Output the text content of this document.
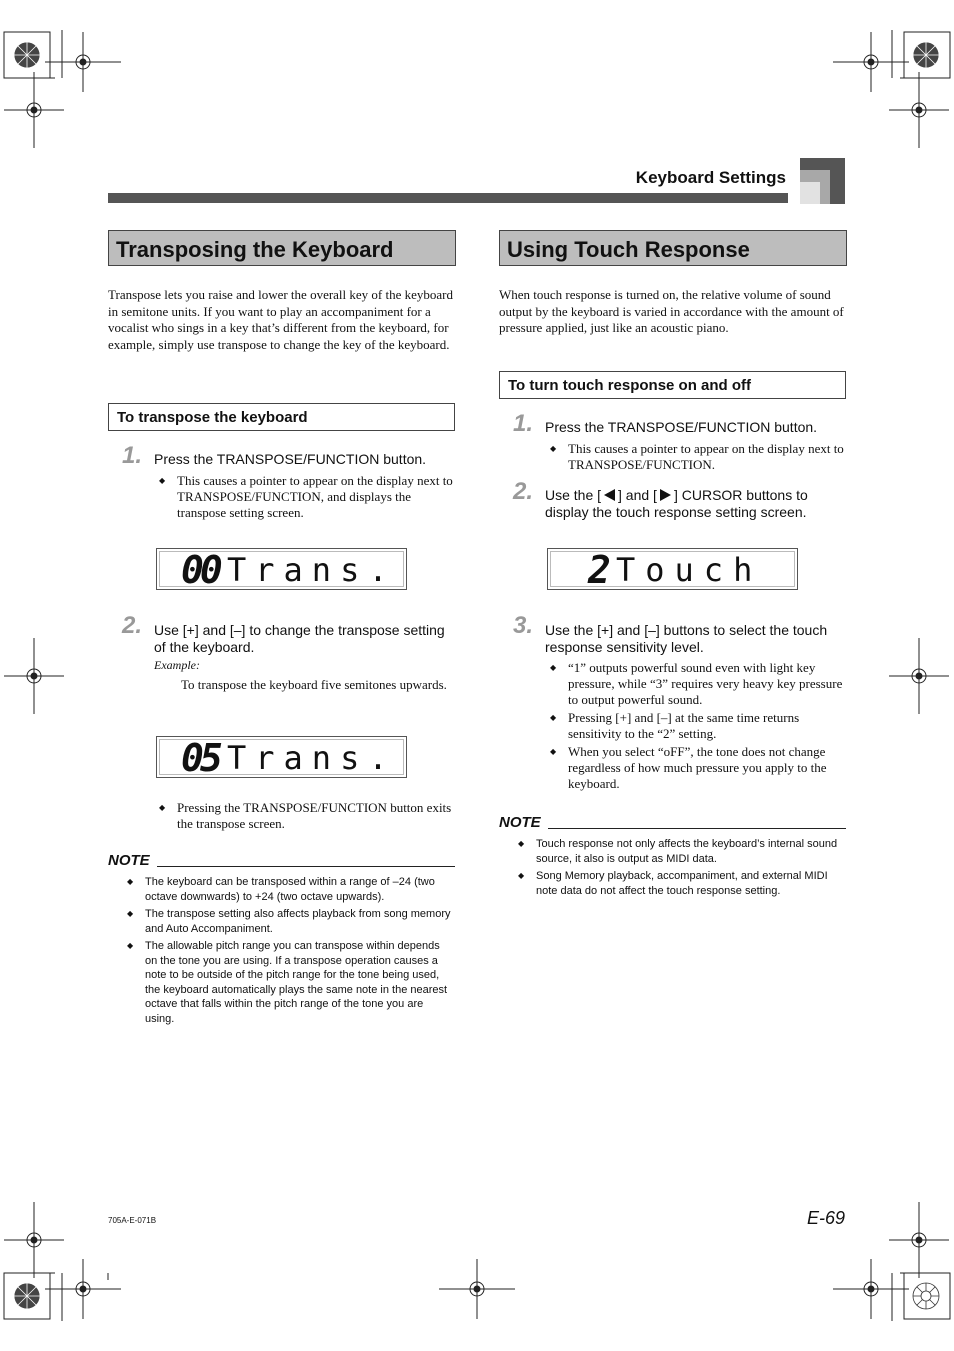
Keyboard Settings
Transposing the Keyboard
Transpose lets you raise and lower the overall key of the keyboard in semitone units. If you want to play an accompaniment for a vocalist who sings in a key that’s different from the keyboard, for example, simply use transpose to change the key of the keyboard.
To transpose the keyboard
1. Press the TRANSPOSE/FUNCTION button.
◆ This causes a pointer to appear on the display next to TRANSPOSE/FUNCTION, and displays the transpose setting screen.
00 Trans.
2. Use [+] and [–] to change the transpose setting of the keyboard.
Example:
To transpose the keyboard five semitones upwards.
05 Trans.
◆ Pressing the TRANSPOSE/FUNCTION button exits the transpose screen.
NOTE
◆ The keyboard can be transposed within a range of –24 (two octave downwards) to +24 (two octave upwards).
◆ The transpose setting also affects playback from song memory and Auto Accompaniment.
◆ The allowable pitch range you can transpose within depends on the tone you are using. If a transpose operation causes a note to be outside of the pitch range for the tone being used, the keyboard automatically plays the same note in the nearest octave that falls within the pitch range of the tone you are using.
Using Touch Response
When touch response is turned on, the relative volume of sound output by the keyboard is varied in accordance with the amount of pressure applied, just like an acoustic piano.
To turn touch response on and off
1. Press the TRANSPOSE/FUNCTION button.
◆ This causes a pointer to appear on the display next to TRANSPOSE/FUNCTION.
2. Use the [ ] and [ ] CURSOR buttons to
display the touch response setting screen.
2 Touch
3. Use the [+] and [–] buttons to select the touch response sensitivity level.
◆ “1” outputs powerful sound even with light key pressure, while “3” requires very heavy key pressure to output powerful sound.
◆ Pressing [+] and [–] at the same time returns sensitivity to the “2” setting.
◆ When you select “oFF”, the tone does not change regardless of how much pressure you apply to the keyboard.
NOTE
◆ Touch response not only affects the keyboard’s internal sound source, it also is output as MIDI data.
◆ Song Memory playback, accompaniment, and external MIDI note data do not affect the touch response setting.
705A-E-071B	E-69
